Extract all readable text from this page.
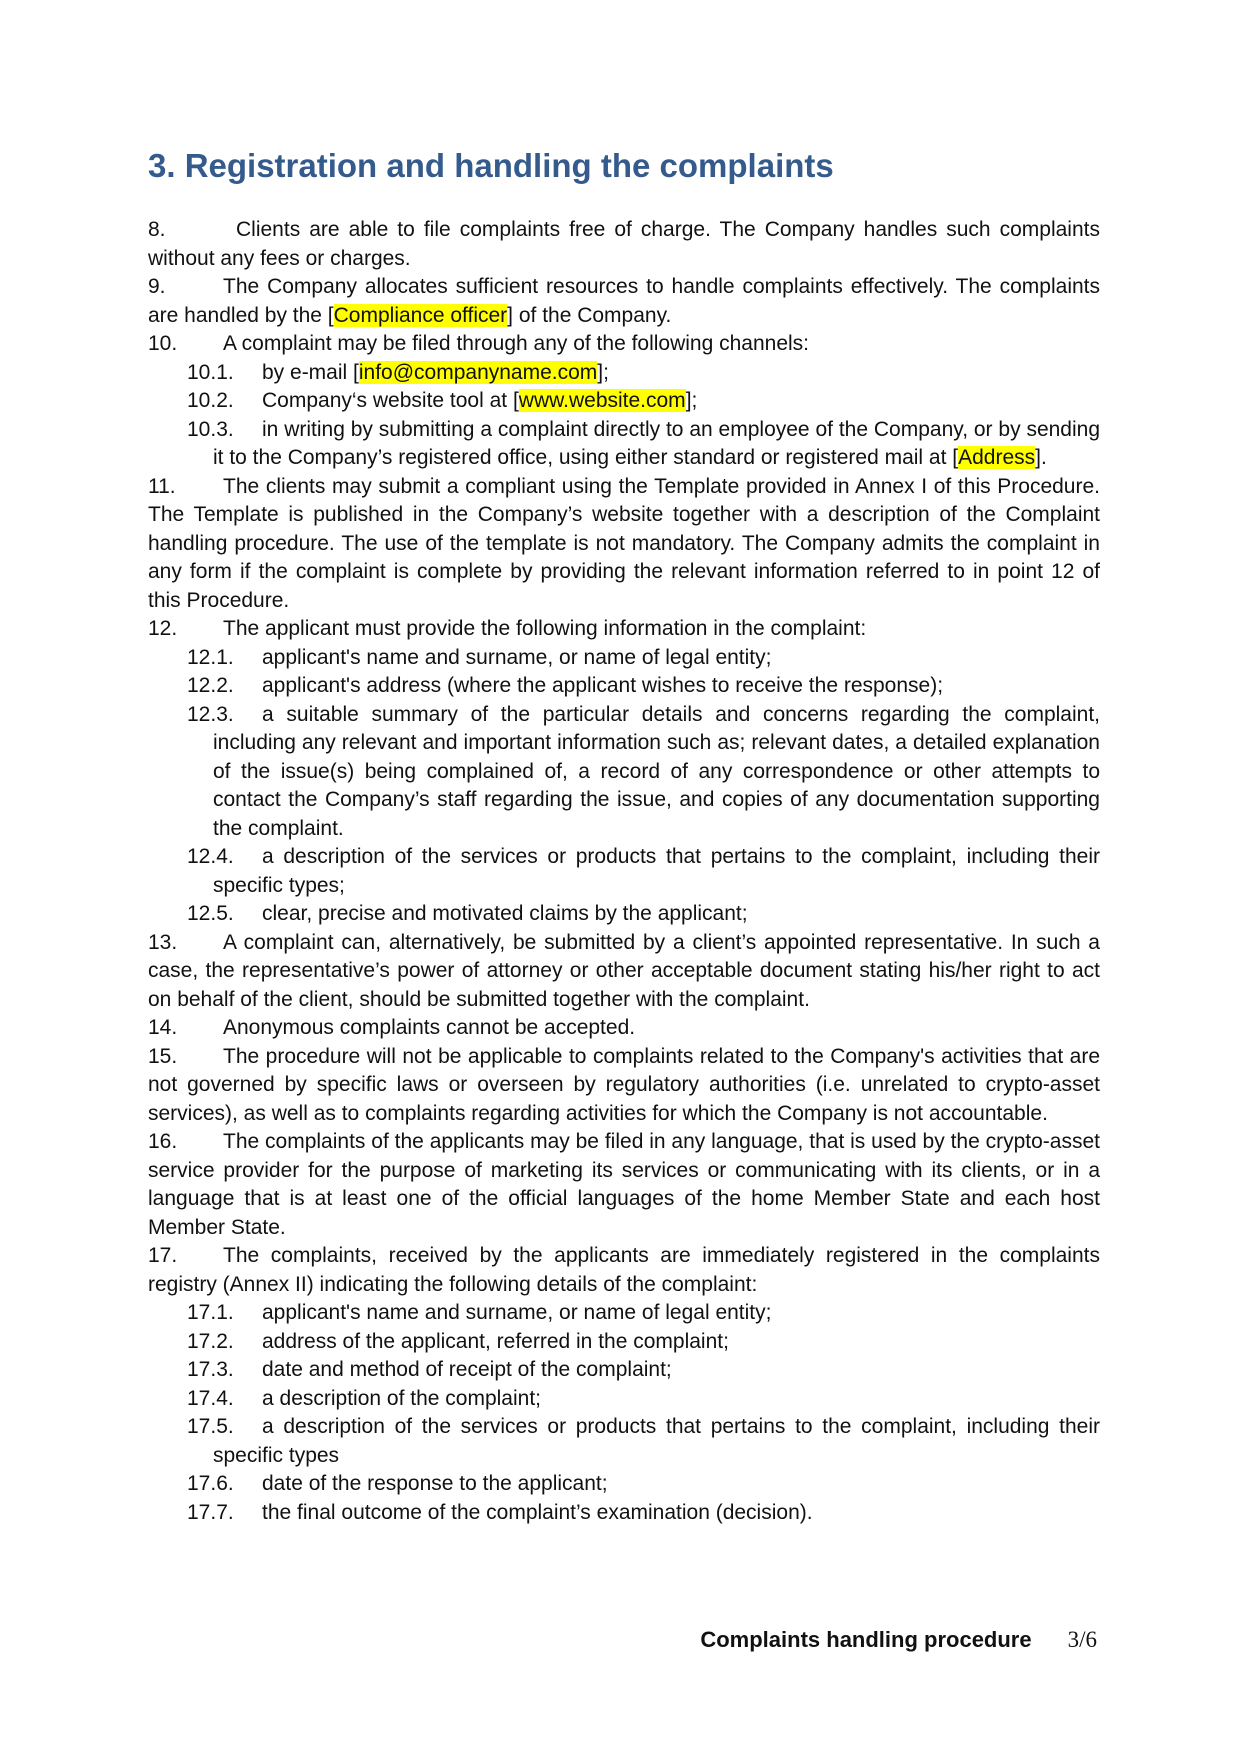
3. Registration and handling the complaints

8.	Clients are able to file complaints free of charge. The Company handles such complaints without any fees or charges.

9.	The Company allocates sufficient resources to handle complaints effectively. The complaints are handled by the [Compliance officer] of the Company.

10. A complaint may be filed through any of the following channels:

10.1. by e-mail [info@companyname.com];

10.2. Company‘s website tool at [www.website.com];

10.3. in writing by submitting a complaint directly to an employee of the Company, or by sending it to the Company’s registered office, using either standard or registered mail at [Address].

11. The clients may submit a compliant using the Template provided in Annex I of this Procedure. The Template is published in the Company’s website together with a description of the Complaint handling procedure. The use of the template is not mandatory. The Company admits the complaint in any form if the complaint is complete by providing the relevant information referred to in point 12 of this Procedure.

12. The applicant must provide the following information in the complaint:

12.1. applicant's name and surname, or name of legal entity;

12.2. applicant's address (where the applicant wishes to receive the response);

12.3. a suitable summary of the particular details and concerns regarding the complaint, including any relevant and important information such as; relevant dates, a detailed explanation of the issue(s) being complained of, a record of any correspondence or other attempts to contact the Company’s staff regarding the issue, and copies of any documentation supporting the complaint.

12.4. a description of the services or products that pertains to the complaint, including their specific types;

12.5. clear, precise and motivated claims by the applicant;

13. A complaint can, alternatively, be submitted by a client’s appointed representative. In such a case, the representative’s power of attorney or other acceptable document stating his/her right to act on behalf of the client, should be submitted together with the complaint.

14. Anonymous complaints cannot be accepted.

15. The procedure will not be applicable to complaints related to the Company's activities that are not governed by specific laws or overseen by regulatory authorities (i.e. unrelated to crypto-asset services), as well as to complaints regarding activities for which the Company is not accountable.

16. The complaints of the applicants may be filed in any language, that is used by the crypto-asset service provider for the purpose of marketing its services or communicating with its clients, or in a language that is at least one of the official languages of the home Member State and each host Member State.

17. The complaints, received by the applicants are immediately registered in the complaints registry (Annex II) indicating the following details of the complaint:

17.1. applicant's name and surname, or name of legal entity;

17.2. address of the applicant, referred in the complaint;

17.3. date and method of receipt of the complaint;

17.4. a description of the complaint;

17.5. a description of the services or products that pertains to the complaint, including their specific types

17.6. date of the response to the applicant;

17.7. the final outcome of the complaint’s examination (decision).

Complaints handling procedure 3/6
